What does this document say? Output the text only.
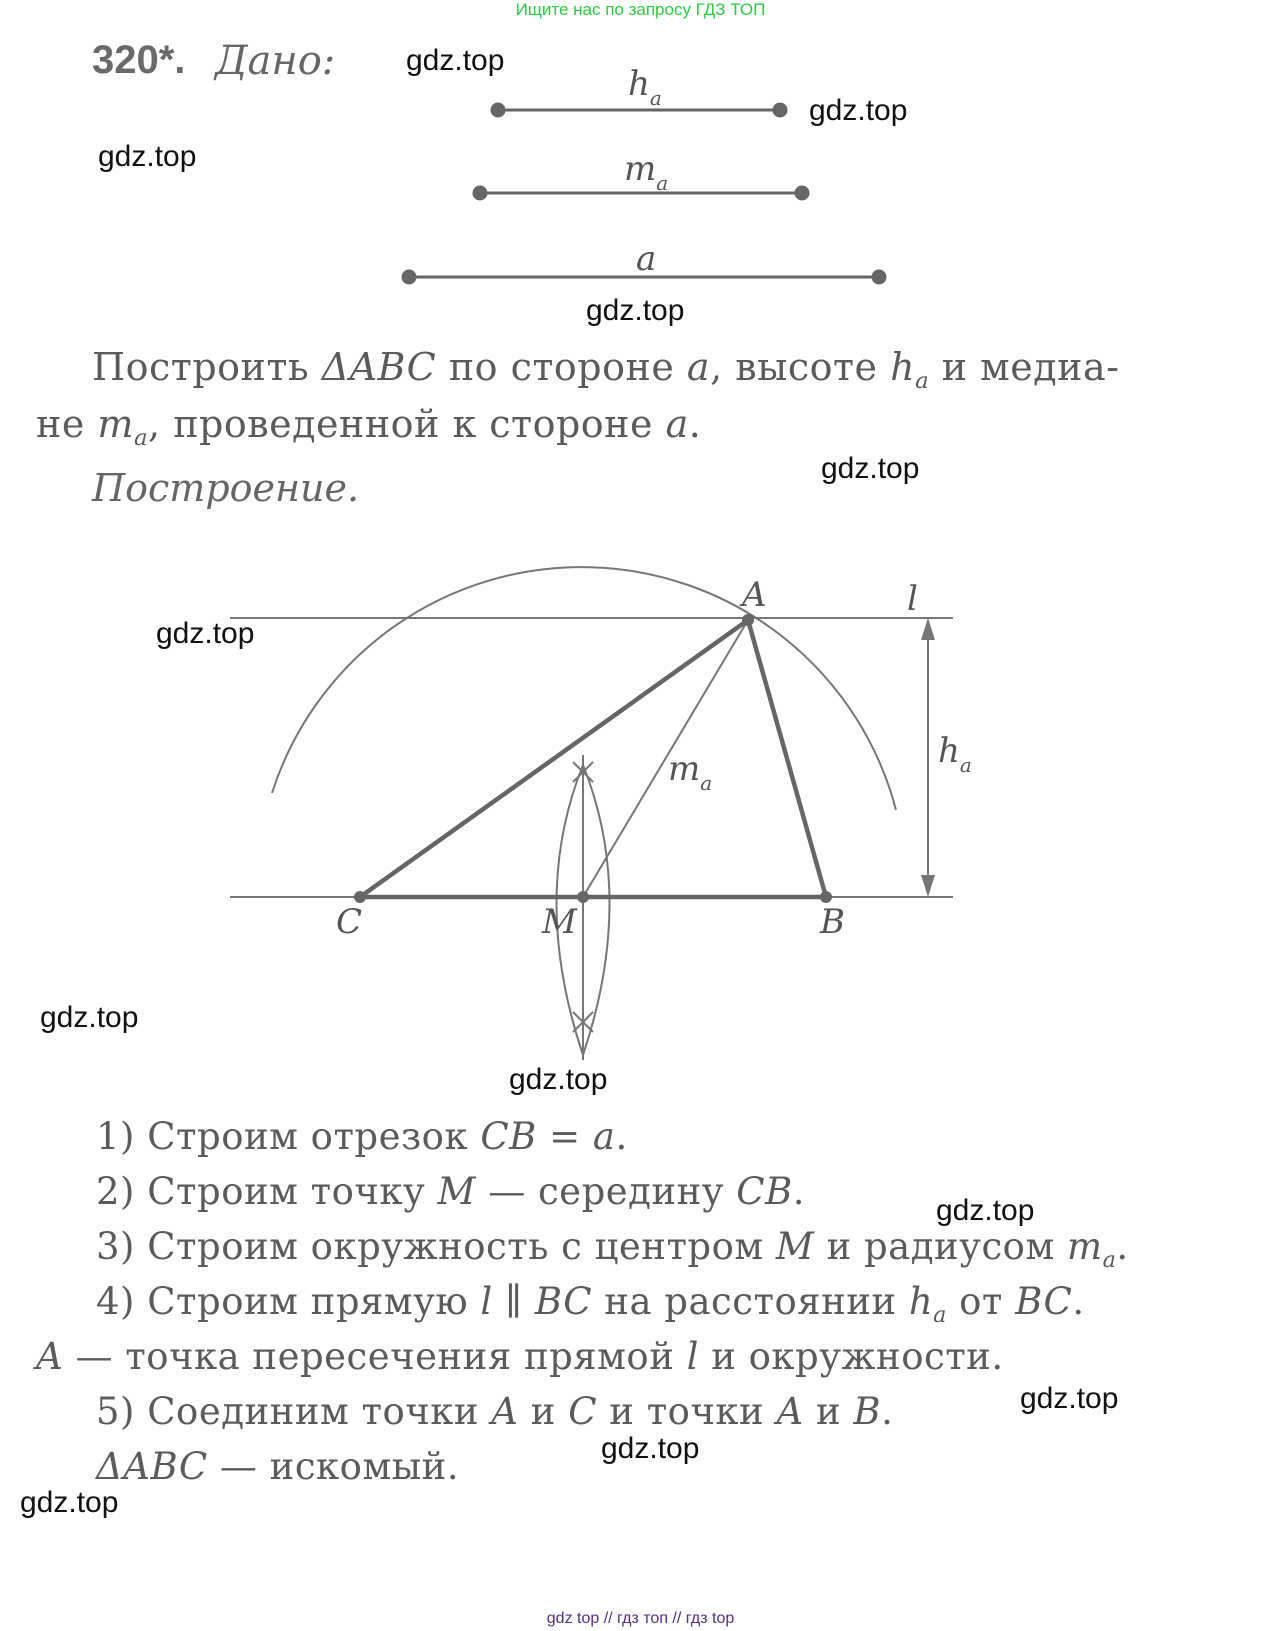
Ищите нас по запросу ГДЗ ТОП
gdz top // гдз топ // гдз top
320*. Дано:	$h_a$
$m_a$
a
Построить ΔABC по стороне a, высоте $h_a$ и медиа-
не $m_a$, проведенной к стороне a.
Построение.
A	l
C	M	B
$m_a$
$h_a$
1) Строим отрезок CB = a.
2) Строим точку M — середину CB.
3) Строим окружность с центром M и радиусом $m_a$.
4) Строим прямую l ∥ BC на расстоянии $h_a$ от BC.
A — точка пересечения прямой l и окружности.
5) Соединим точки A и C и точки A и B.
ΔABC — искомый.
gdz.top
gdz.top
gdz.top
gdz.top
gdz.top
gdz.top
gdz.top
gdz.top
gdz.top
gdz.top
gdz.top
gdz.top
